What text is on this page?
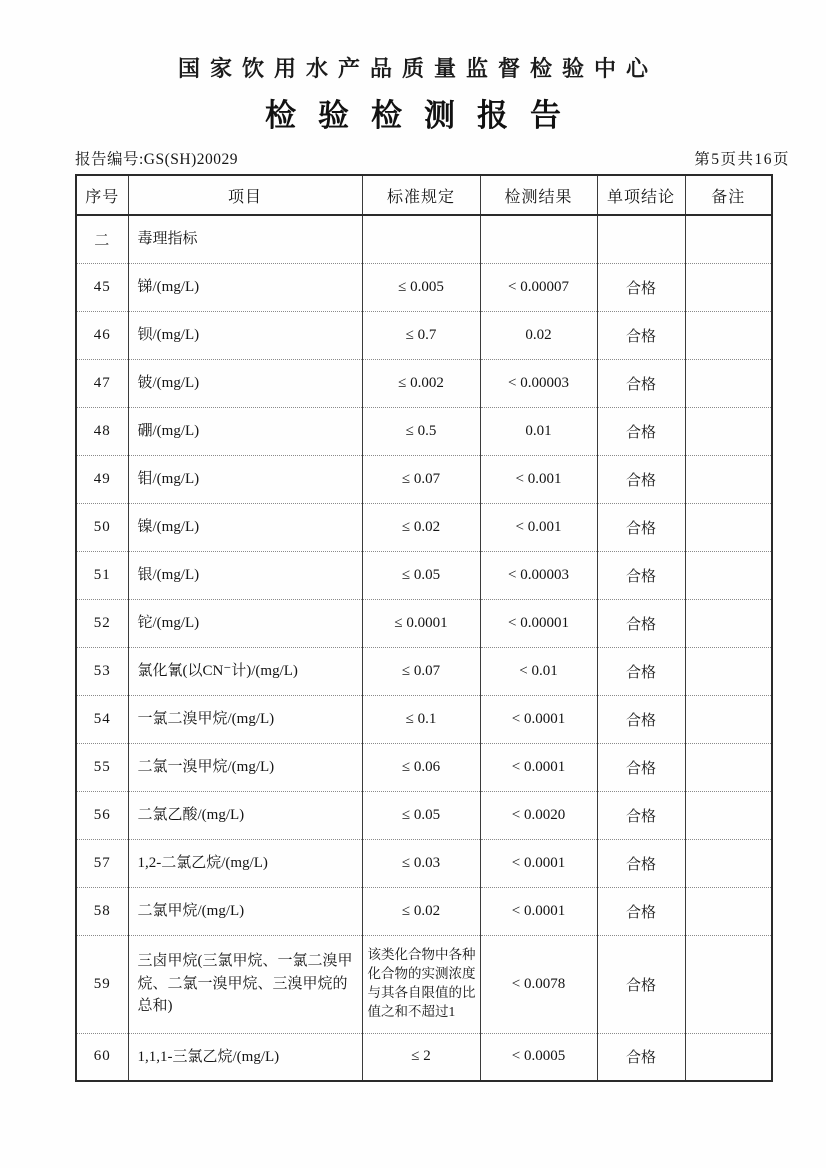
国家饮用水产品质量监督检验中心
检验检测报告
报告编号:GS(SH)20029	第5页共16页
序号	项目	标准规定	检测结果	单项结论	备注
二	毒理指标				
45	锑/(mg/L)	≤ 0.005	< 0.00007	合格	
46	钡/(mg/L)	≤ 0.7	0.02	合格	
47	铍/(mg/L)	≤ 0.002	< 0.00003	合格	
48	硼/(mg/L)	≤ 0.5	0.01	合格	
49	钼/(mg/L)	≤ 0.07	< 0.001	合格	
50	镍/(mg/L)	≤ 0.02	< 0.001	合格	
51	银/(mg/L)	≤ 0.05	< 0.00003	合格	
52	铊/(mg/L)	≤ 0.0001	< 0.00001	合格	
53	氯化氰(以CN⁻计)/(mg/L)	≤ 0.07	< 0.01	合格	
54	一氯二溴甲烷/(mg/L)	≤ 0.1	< 0.0001	合格	
55	二氯一溴甲烷/(mg/L)	≤ 0.06	< 0.0001	合格	
56	二氯乙酸/(mg/L)	≤ 0.05	< 0.0020	合格	
57	1,2-二氯乙烷/(mg/L)	≤ 0.03	< 0.0001	合格	
58	二氯甲烷/(mg/L)	≤ 0.02	< 0.0001	合格	
59	三卤甲烷(三氯甲烷、一氯二溴甲烷、二氯一溴甲烷、三溴甲烷的总和)	该类化合物中各种化合物的实测浓度与其各自限值的比值之和不超过1	< 0.0078	合格	
60	1,1,1-三氯乙烷/(mg/L)	≤ 2	< 0.0005	合格	
